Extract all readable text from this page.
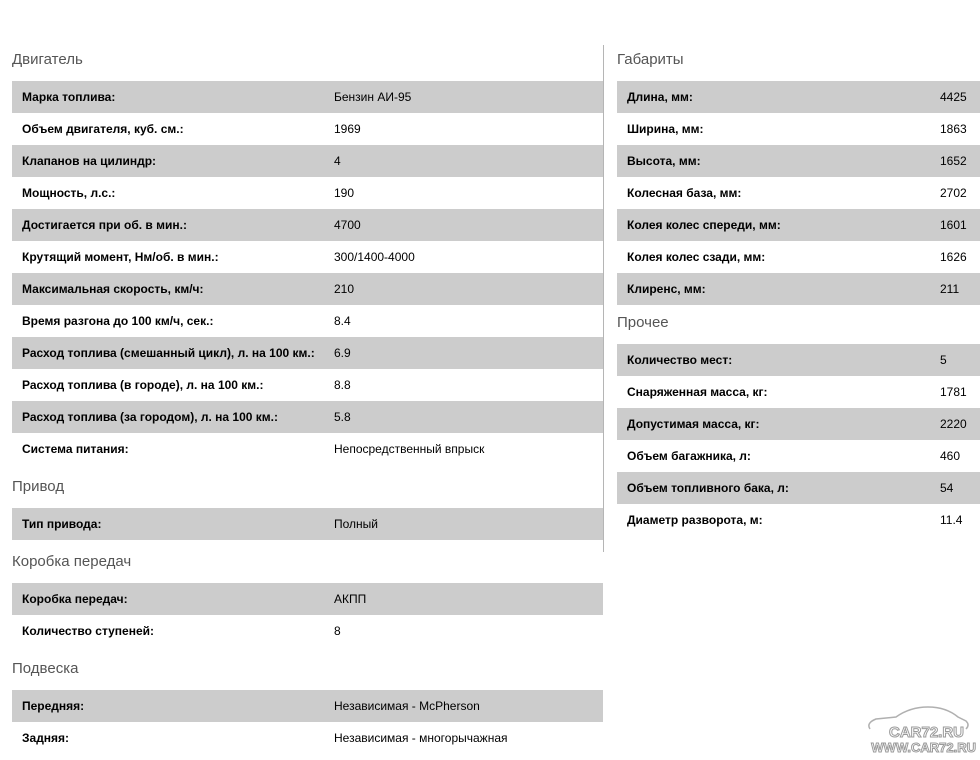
Двигатель
Марка топлива:	Бензин АИ-95
Объем двигателя, куб. см.:	1969
Клапанов на цилиндр:	4
Мощность, л.с.:	190
Достигается при об. в мин.:	4700
Крутящий момент, Нм/об. в мин.:	300/1400-4000
Максимальная скорость, км/ч:	210
Время разгона до 100 км/ч, сек.:	8.4
Расход топлива (смешанный цикл), л. на 100 км.:	6.9
Расход топлива (в городе), л. на 100 км.:	8.8
Расход топлива (за городом), л. на 100 км.:	5.8
Система питания:	Непосредственный впрыск
Привод
Тип привода:	Полный
Коробка передач
Коробка передач:	АКПП
Количество ступеней:	8
Подвеска
Передняя:	Независимая - McPherson
Задняя:	Независимая - многорычажная
Габариты
Длина, мм:	4425
Ширина, мм:	1863
Высота, мм:	1652
Колесная база, мм:	2702
Колея колес спереди, мм:	1601
Колея колес сзади, мм:	1626
Клиренс, мм:	211
Прочее
Количество мест:	5
Снаряженная масса, кг:	1781
Допустимая масса, кг:	2220
Объем багажника, л:	460
Объем топливного бака, л:	54
Диаметр разворота, м:	11.4
CAR72.RU
WWW.CAR72.RU
